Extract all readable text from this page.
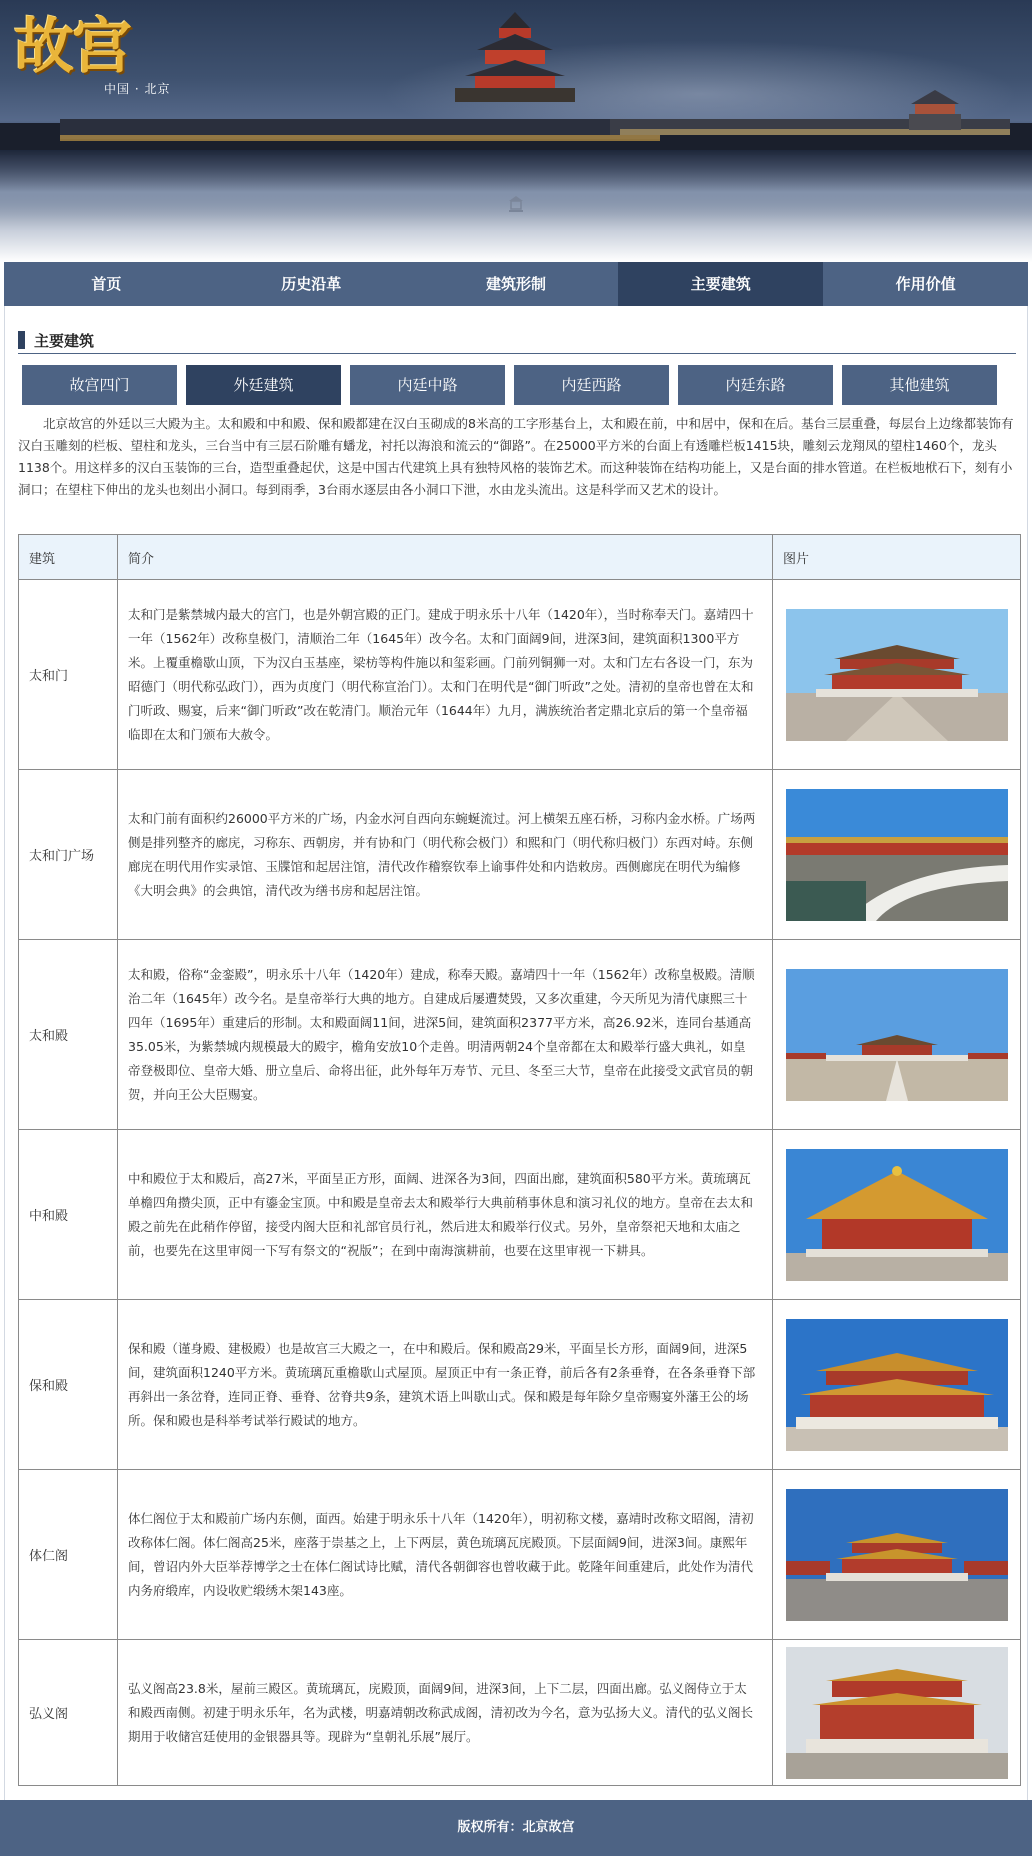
故宫
中国 · 北京
首页	历史沿革	建筑形制	主要建筑	作用价值
主要建筑
故宫四门	外廷建筑	内廷中路	内廷西路	内廷东路	其他建筑

北京故宫的外廷以三大殿为主。太和殿和中和殿、保和殿都建在汉白玉砌成的8米高的工字形基台上，太和殿在前，中和居中，保和在后。基台三层重叠，每层台上边缘都装饰有汉白玉雕刻的栏板、望柱和龙头，三台当中有三层石阶雕有蟠龙，衬托以海浪和流云的“御路”。在25000平方米的台面上有透雕栏板1415块，雕刻云龙翔凤的望柱1460个，龙头1138个。用这样多的汉白玉装饰的三台，造型重叠起伏，这是中国古代建筑上具有独特风格的装饰艺术。而这种装饰在结构功能上，又是台面的排水管道。在栏板地栿石下，刻有小洞口；在望柱下伸出的龙头也刻出小洞口。每到雨季，3台雨水逐层由各小洞口下泄，水由龙头流出。这是科学而又艺术的设计。

建筑	简介	图片
太和门	太和门是紫禁城内最大的宫门，也是外朝宫殿的正门。建成于明永乐十八年（1420年），当时称奉天门。嘉靖四十一年（1562年）改称皇极门，清顺治二年（1645年）改今名。太和门面阔9间，进深3间，建筑面积1300平方米。上覆重檐歇山顶，下为汉白玉基座，梁枋等构件施以和玺彩画。门前列铜狮一对。太和门左右各设一门，东为昭德门（明代称弘政门），西为贞度门（明代称宣治门）。太和门在明代是“御门听政”之处。清初的皇帝也曾在太和门听政、赐宴，后来“御门听政”改在乾清门。顺治元年（1644年）九月，满族统治者定鼎北京后的第一个皇帝福临即在太和门颁布大赦令。	

太和门广场	太和门前有面积约26000平方米的广场，内金水河自西向东蜿蜒流过。河上横架五座石桥，习称内金水桥。广场两侧是排列整齐的廊庑，习称东、西朝房，并有协和门（明代称会极门）和熙和门（明代称归极门）东西对峙。东侧廊庑在明代用作实录馆、玉牒馆和起居注馆，清代改作稽察钦奉上谕事件处和内诰敕房。西侧廊庑在明代为编修《大明会典》的会典馆，清代改为缮书房和起居注馆。	

太和殿	太和殿，俗称“金銮殿”，明永乐十八年（1420年）建成，称奉天殿。嘉靖四十一年（1562年）改称皇极殿。清顺治二年（1645年）改今名。是皇帝举行大典的地方。自建成后屡遭焚毁，又多次重建，今天所见为清代康熙三十四年（1695年）重建后的形制。太和殿面阔11间，进深5间，建筑面积2377平方米，高26.92米，连同台基通高35.05米，为紫禁城内规模最大的殿宇，檐角安放10个走兽。明清两朝24个皇帝都在太和殿举行盛大典礼，如皇帝登极即位、皇帝大婚、册立皇后、命将出征，此外每年万寿节、元旦、冬至三大节，皇帝在此接受文武官员的朝贺，并向王公大臣赐宴。	

中和殿	中和殿位于太和殿后，高27米，平面呈正方形，面阔、进深各为3间，四面出廊，建筑面积580平方米。黄琉璃瓦单檐四角攒尖顶，正中有鎏金宝顶。中和殿是皇帝去太和殿举行大典前稍事休息和演习礼仪的地方。皇帝在去太和殿之前先在此稍作停留，接受内阁大臣和礼部官员行礼，然后进太和殿举行仪式。另外，皇帝祭祀天地和太庙之前，也要先在这里审阅一下写有祭文的“祝版”；在到中南海演耕前，也要在这里审视一下耕具。	

保和殿	保和殿（谨身殿、建极殿）也是故宫三大殿之一，在中和殿后。保和殿高29米，平面呈长方形，面阔9间，进深5间，建筑面积1240平方米。黄琉璃瓦重檐歇山式屋顶。屋顶正中有一条正脊，前后各有2条垂脊，在各条垂脊下部再斜出一条岔脊，连同正脊、垂脊、岔脊共9条，建筑术语上叫歇山式。保和殿是每年除夕皇帝赐宴外藩王公的场所。保和殿也是科举考试举行殿试的地方。	

体仁阁	体仁阁位于太和殿前广场内东侧，面西。始建于明永乐十八年（1420年），明初称文楼，嘉靖时改称文昭阁，清初改称体仁阁。体仁阁高25米，座落于崇基之上，上下两层，黄色琉璃瓦庑殿顶。下层面阔9间，进深3间。康熙年间，曾诏内外大臣举荐博学之士在体仁阁试诗比赋，清代各朝御容也曾收藏于此。乾隆年间重建后，此处作为清代内务府缎库，内设收贮缎绣木架143座。	

弘义阁	弘义阁高23.8米，屋前三殿区。黄琉璃瓦，庑殿顶，面阔9间，进深3间，上下二层，四面出廊。弘义阁侍立于太和殿西南侧。初建于明永乐年，名为武楼，明嘉靖朝改称武成阁，清初改为今名，意为弘扬大义。清代的弘义阁长期用于收储宫廷使用的金银器具等。现辟为“皇朝礼乐展”展厅。	
版权所有：北京故宫
